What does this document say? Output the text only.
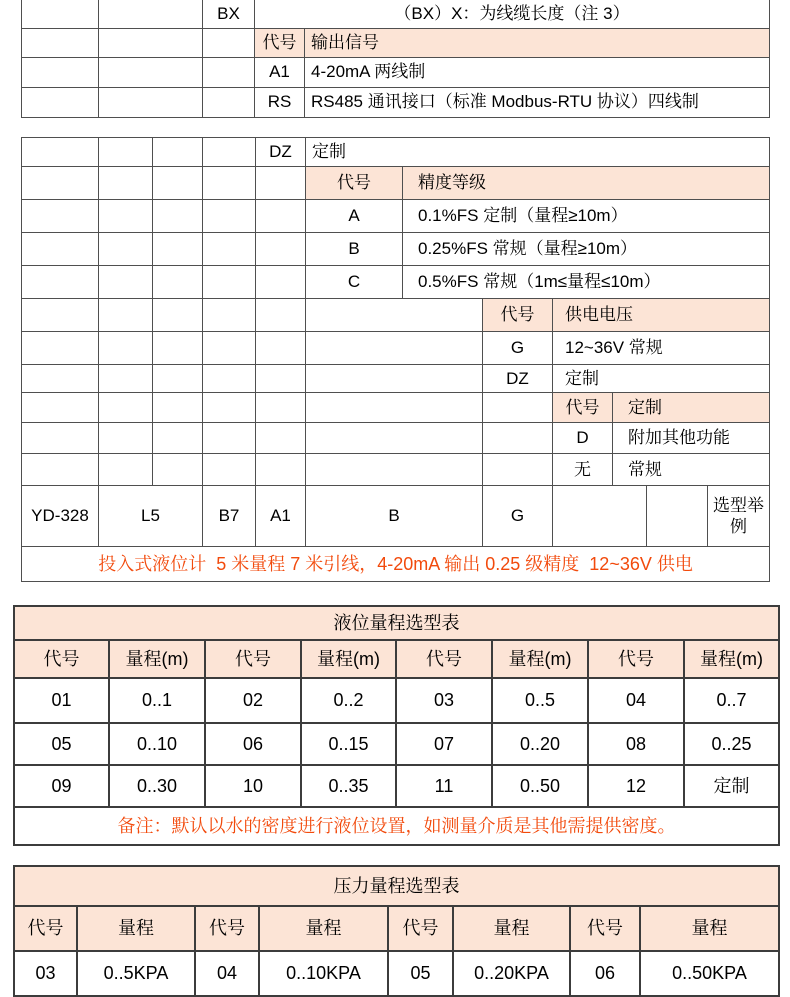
		BX	（BX）X：为线缆长度（注 3）	
			代号	输出信号
			A1	4-20mA 两线制
			RS	RS485 通讯接口（标准 Modbus-RTU 协议）四线制
				DZ	定制						
					代号	精度等级					
					A	0.1%FS 定制（量程≥10m）					
					B	0.25%FS 常规（量程≥10m）					
					C	0.5%FS 常规（1m≤量程≤10m）					
							代号	供电电压			
							G	12~36V 常规			
							DZ	定制			
								代号	定制		
								D	附加其他功能		
								无	常规		
YD-328	L5		B7	A1	B		G				选型举例
投入式液位计  5 米量程 7 米引线，4-20mA 输出 0.25 级精度  12~36V 供电											
液位量程选型表							
代号	量程(m)	代号	量程(m)	代号	量程(m)	代号	量程(m)
01	0..1	02	0..2	03	0..5	04	0..7
05	0..10	06	0..15	07	0..20	08	0..25
09	0..30	10	0..35	11	0..50	12	定制
备注：默认以水的密度进行液位设置，如测量介质是其他需提供密度。							
压力量程选型表							
代号	量程	代号	量程	代号	量程	代号	量程
03	0..5KPA	04	0..10KPA	05	0..20KPA	06	0..50KPA
